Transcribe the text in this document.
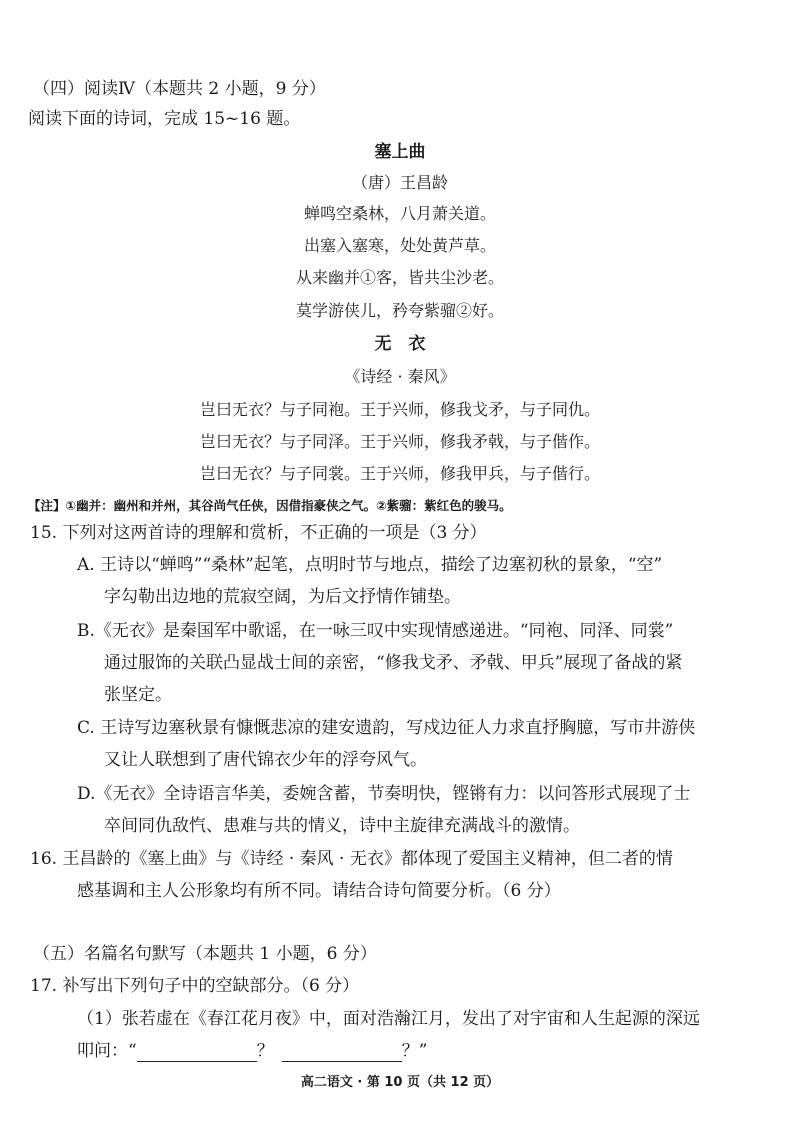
（四）阅读Ⅳ（本题共 2 小题，9 分）
阅读下面的诗词，完成 15~16 题。
塞上曲
（唐）王昌龄
蝉鸣空桑林，八月萧关道。
出塞入塞寒，处处黄芦草。
从来幽并①客，皆共尘沙老。
莫学游侠儿，矜夸紫骝②好。
无　衣
《诗经 · 秦风》
岂曰无衣？与子同袍。王于兴师，修我戈矛，与子同仇。
岂曰无衣？与子同泽。王于兴师，修我矛戟，与子偕作。
岂曰无衣？与子同裳。王于兴师，修我甲兵，与子偕行。
【注】①幽并：幽州和并州，其谷尚气任侠，因借指豪侠之气。②紫骝：紫红色的骏马。
15. 下列对这两首诗的理解和赏析，不正确的一项是（3 分）
A. 王诗以“蝉鸣”“桑林”起笔，点明时节与地点，描绘了边塞初秋的景象，“空”
字勾勒出边地的荒寂空阔，为后文抒情作铺垫。
B.《无衣》是秦国军中歌谣，在一咏三叹中实现情感递进。“同袍、同泽、同裳”
通过服饰的关联凸显战士间的亲密，“修我戈矛、矛戟、甲兵”展现了备战的紧
张坚定。
C. 王诗写边塞秋景有慷慨悲凉的建安遗韵，写戍边征人力求直抒胸臆，写市井游侠
又让人联想到了唐代锦衣少年的浮夸风气。
D.《无衣》全诗语言华美，委婉含蓄，节奏明快，铿锵有力：以问答形式展现了士
卒间同仇敌忾、患难与共的情义，诗中主旋律充满战斗的激情。
16. 王昌龄的《塞上曲》与《诗经 · 秦风 · 无衣》都体现了爱国主义精神，但二者的情
感基调和主人公形象均有所不同。请结合诗句简要分析。（6 分）
（五）名篇名句默写（本题共 1 小题，6 分）
17. 补写出下列句子中的空缺部分。（6 分）
（1）张若虚在《春江花月夜》中，面对浩瀚江月，发出了对宇宙和人生起源的深远
叩问：“	？	？”
高二语文 · 第 10 页（共 12 页）
